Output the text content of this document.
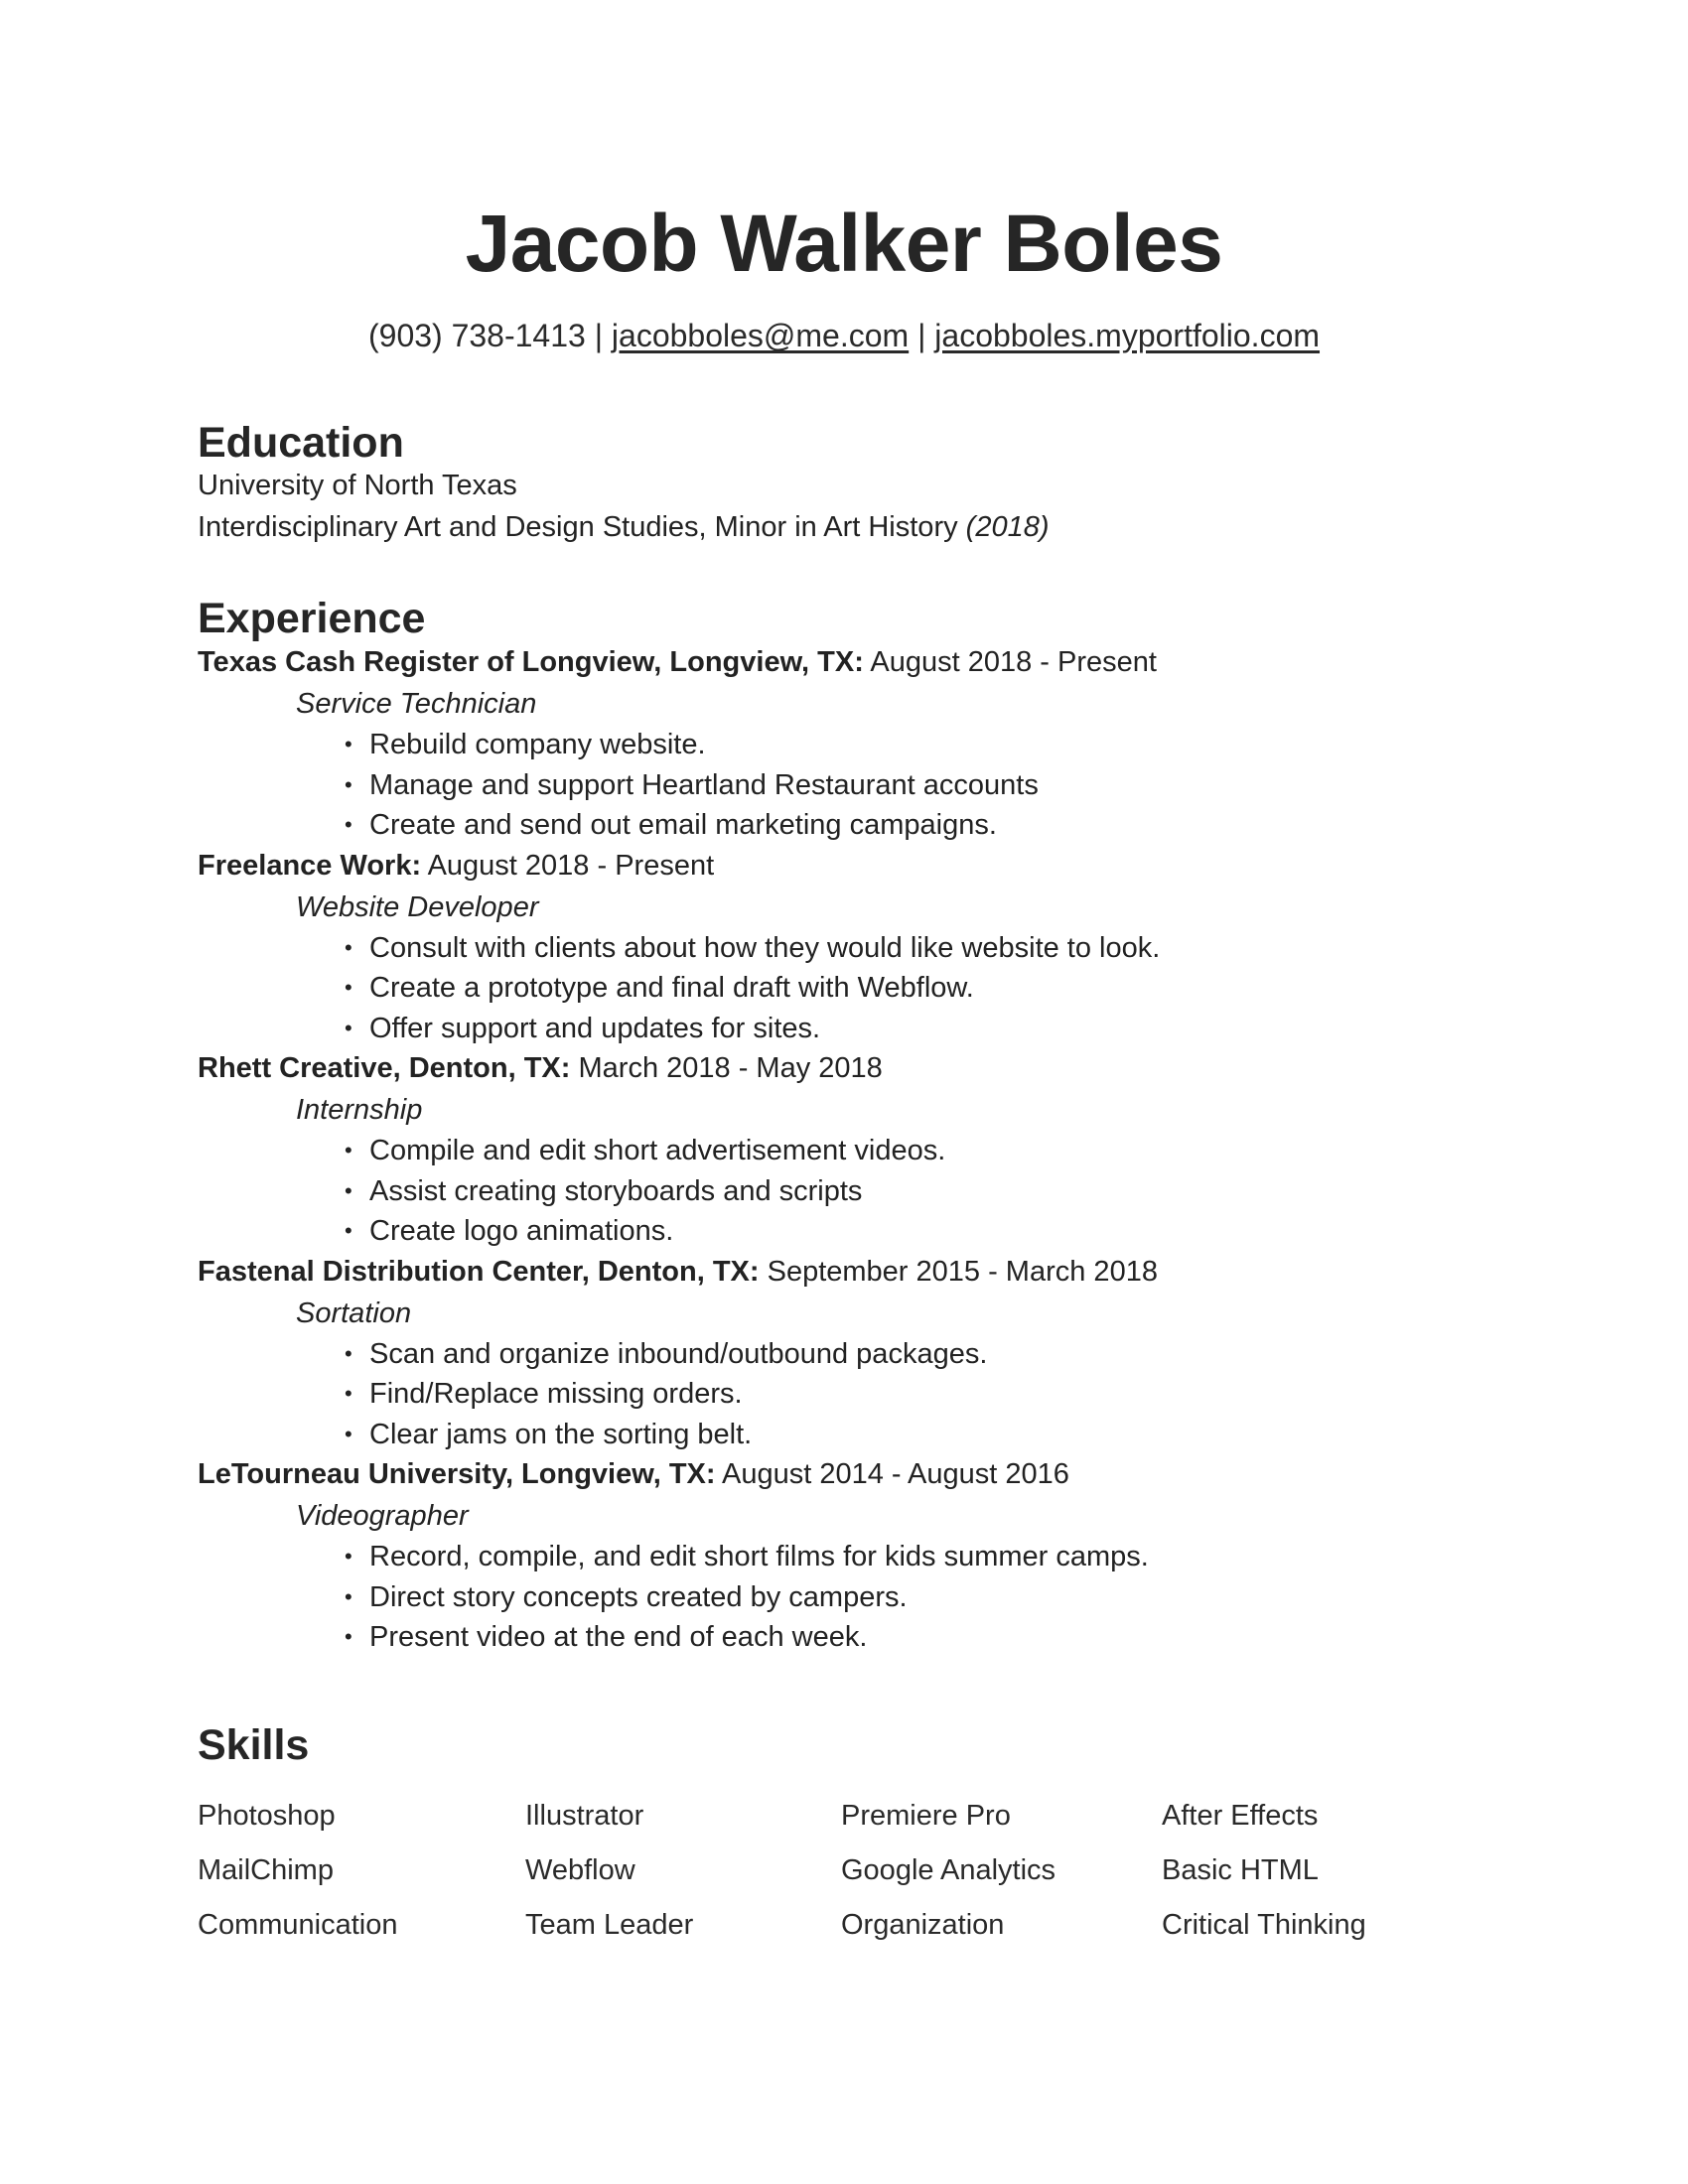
Jacob Walker Boles
(903) 738-1413 | jacobboles@me.com | jacobboles.myportfolio.com
Education
University of North Texas
Interdisciplinary Art and Design Studies, Minor in Art History (2018)
Experience
Texas Cash Register of Longview, Longview, TX: August 2018 - Present
Service Technician
• Rebuild company website.
• Manage and support Heartland Restaurant accounts
• Create and send out email marketing campaigns.
Freelance Work: August 2018 - Present
Website Developer
• Consult with clients about how they would like website to look.
• Create a prototype and final draft with Webflow.
• Offer support and updates for sites.
Rhett Creative, Denton, TX: March 2018 - May 2018
Internship
• Compile and edit short advertisement videos.
• Assist creating storyboards and scripts
• Create logo animations.
Fastenal Distribution Center, Denton, TX: September 2015 - March 2018
Sortation
• Scan and organize inbound/outbound packages.
• Find/Replace missing orders.
• Clear jams on the sorting belt.
LeTourneau University, Longview, TX: August 2014 - August 2016
Videographer
• Record, compile, and edit short films for kids summer camps.
• Direct story concepts created by campers.
• Present video at the end of each week.
Skills
Photoshop	Illustrator	Premiere Pro	After Effects
MailChimp	Webflow	Google Analytics	Basic HTML
Communication	Team Leader	Organization	Critical Thinking
